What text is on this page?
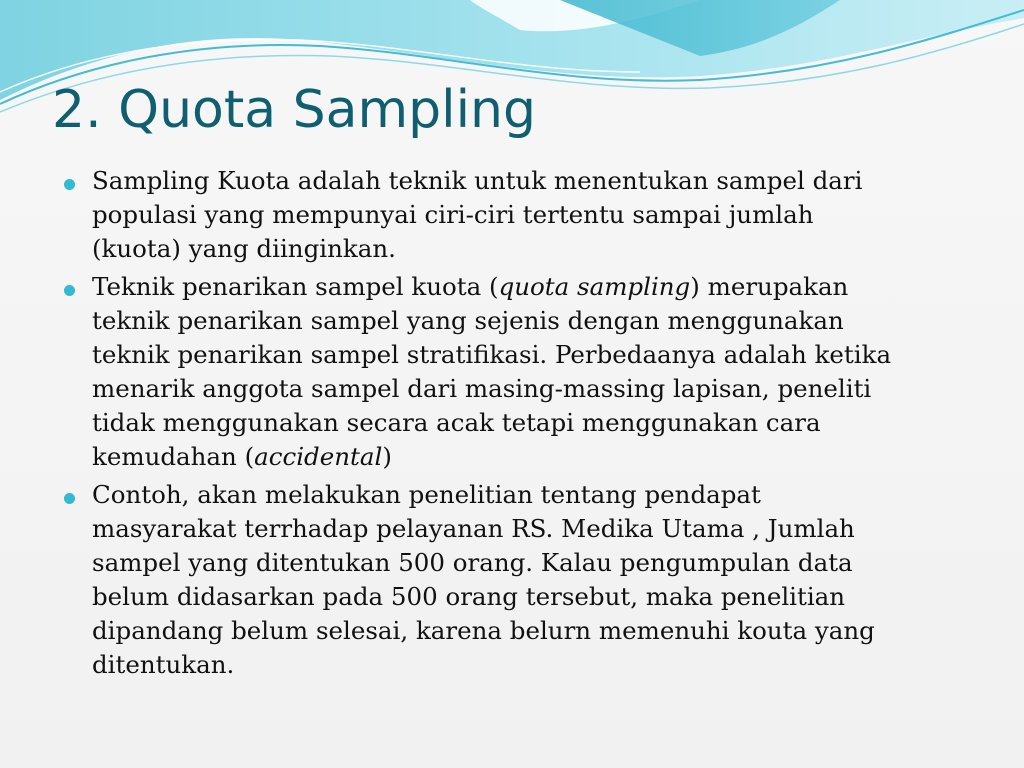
2. Quota Sampling
Sampling Kuota adalah teknik untuk menentukan sampel dari
populasi yang mempunyai ciri-ciri tertentu sampai jumlah
(kuota) yang diinginkan.
Teknik penarikan sampel kuota (quota sampling) merupakan
teknik penarikan sampel yang sejenis dengan menggunakan
teknik penarikan sampel stratifikasi. Perbedaanya adalah ketika
menarik anggota sampel dari masing-massing lapisan, peneliti
tidak menggunakan secara acak tetapi menggunakan cara
kemudahan (accidental)
Contoh, akan melakukan penelitian tentang pendapat
masyarakat terrhadap pelayanan RS. Medika Utama , Jumlah
sampel yang ditentukan 500 orang. Kalau pengumpulan data
belum didasarkan pada 500 orang tersebut, maka penelitian
dipandang belum selesai, karena belurn memenuhi kouta yang
ditentukan.
